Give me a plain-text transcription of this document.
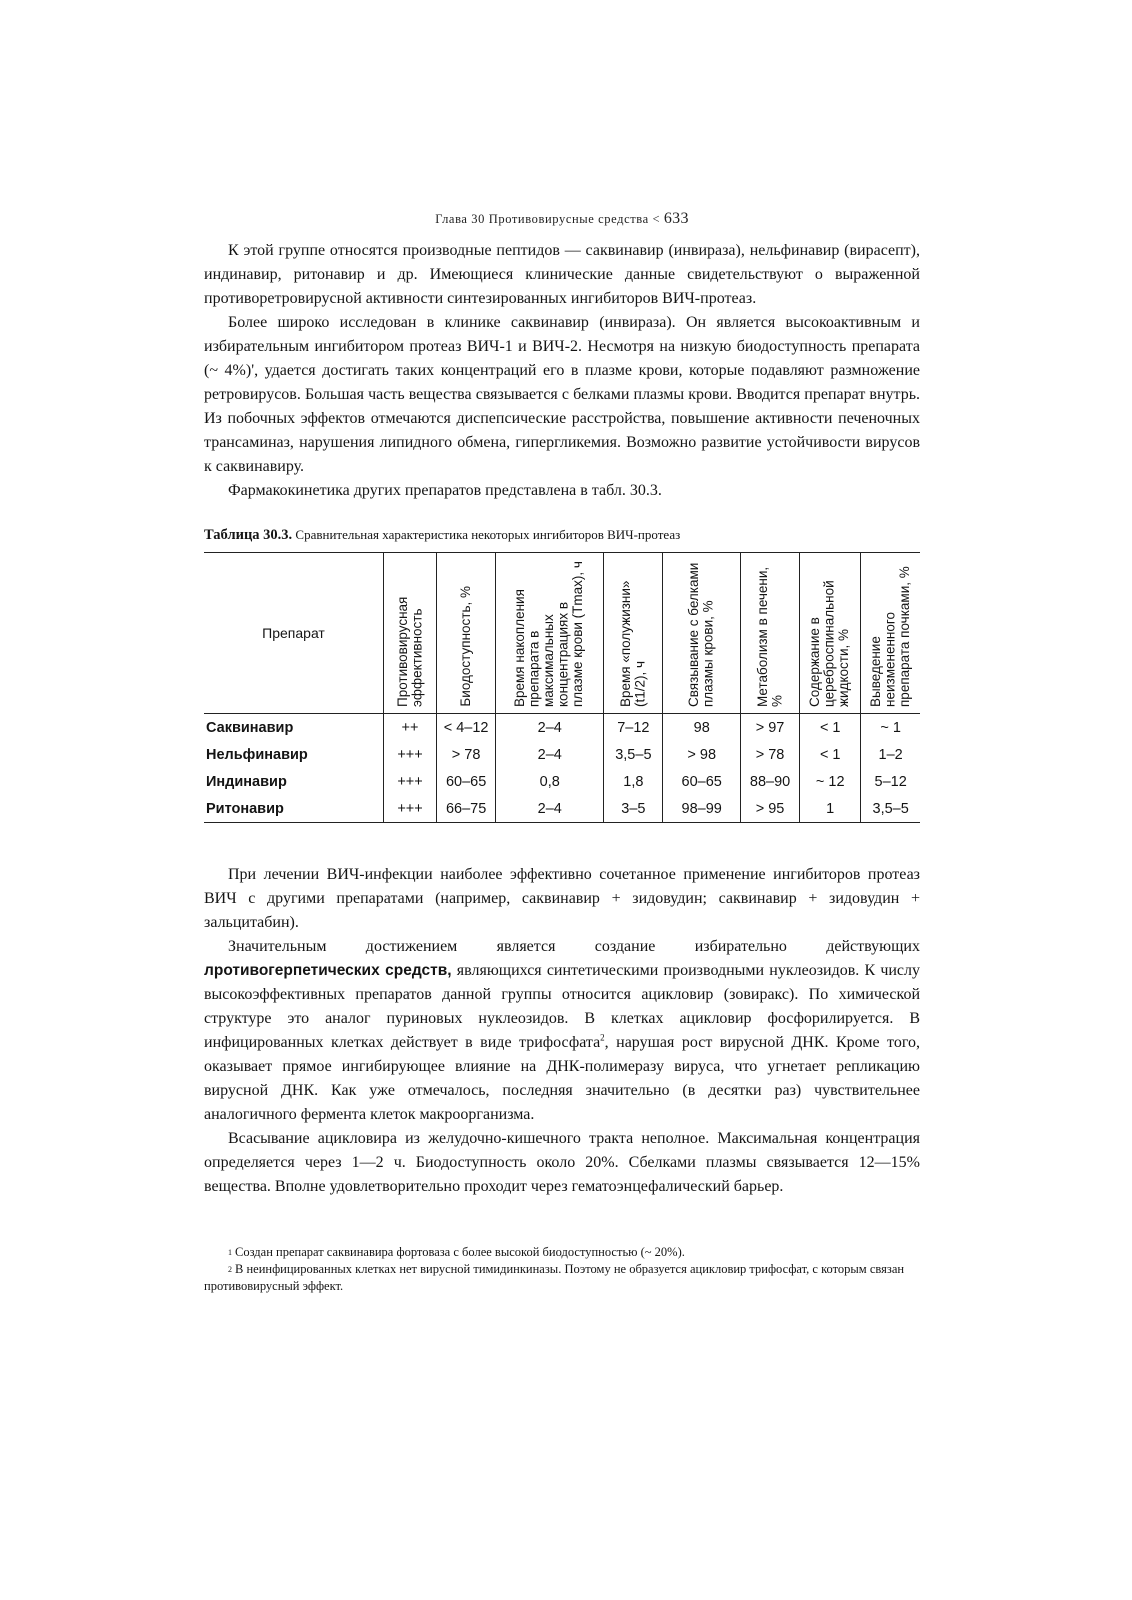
Глава 30 Противовирусные средства < 633

К этой группе относятся производные пептидов — саквинавир (инвираза), нельфинавир (вирасепт), индинавир, ритонавир и др. Имеющиеся клинические данные свидетельствуют о выраженной противоретровирусной активности синтезированных ингибиторов ВИЧ-протеаз.

Более широко исследован в клинике саквинавир (инвираза). Он является высокоактивным и избирательным ингибитором протеаз ВИЧ-1 и ВИЧ-2. Несмотря на низкую биодоступность препарата (~ 4%)', удается достигать таких концентраций его в плазме крови, которые подавляют размножение ретровирусов. Большая часть вещества связывается с белками плазмы крови. Вводится препарат внутрь. Из побочных эффектов отмечаются диспепсические расстройства, повышение активности печеночных трансаминаз, нарушения липидного обмена, гипергликемия. Возможно развитие устойчивости вирусов к саквинавиру.

Фармакокинетика других препаратов представлена в табл. 30.3.

Таблица 30.3. Сравнительная характеристика некоторых ингибиторов ВИЧ-протеаз
Препарат	Противовирусная эффективность	Биодоступность, %	Время накопления препарата в максимальных концентрациях в плазме крови (Tmax), ч	Время «полужизни» (t1/2), ч	Связывание с белками плазмы крови, %	Метаболизм в печени, %	Содержание в цереброспинальной жидкости, %	Выведение неизмененного препарата почками, %

Саквинавир	++	< 4–12	2–4	7–12	98	> 97	< 1	~ 1
Нельфинавир	+++	> 78	2–4	3,5–5	> 98	> 78	< 1	1–2
Индинавир	+++	60–65	0,8	1,8	60–65	88–90	~ 12	5–12
Ритонавир	+++	66–75	2–4	3–5	98–99	> 95	1	3,5–5

При лечении ВИЧ-инфекции наиболее эффективно сочетанное применение ингибиторов протеаз ВИЧ с другими препаратами (например, саквинавир + зидовудин; саквинавир + зидовудин + зальцитабин).

Значительным достижением является создание избирательно действующих лротивогерпетических средств, являющихся синтетическими производными нуклеозидов. К числу высокоэффективных препаратов данной группы относится ацикловир (зовиракс). По химической структуре это аналог пуриновых нуклеозидов. В клетках ацикловир фосфорилируется. В инфицированных клетках действует в виде трифосфата$^2$, нарушая рост вирусной ДНК. Кроме того, оказывает прямое ингибирующее влияние на ДНК-полимеразу вируса, что угнетает репликацию вирусной ДНК. Как уже отмечалось, последняя значительно (в десятки раз) чувствительнее аналогичного фермента клеток макроорганизма.

Всасывание ацикловира из желудочно-кишечного тракта неполное. Максимальная концентрация определяется через 1—2 ч. Биодоступность около 20%. Сбелками плазмы связывается 12—15% вещества. Вполне удовлетворительно проходит через гематоэнцефалический барьер.

$^1$ Создан препарат саквинавира фортоваза с более высокой биодоступностью (~ 20%).

$^2$ В неинфицированных клетках нет вирусной тимидинкиназы. Поэтому не образуется ацикловир трифосфат, с которым связан противовирусный эффект.
